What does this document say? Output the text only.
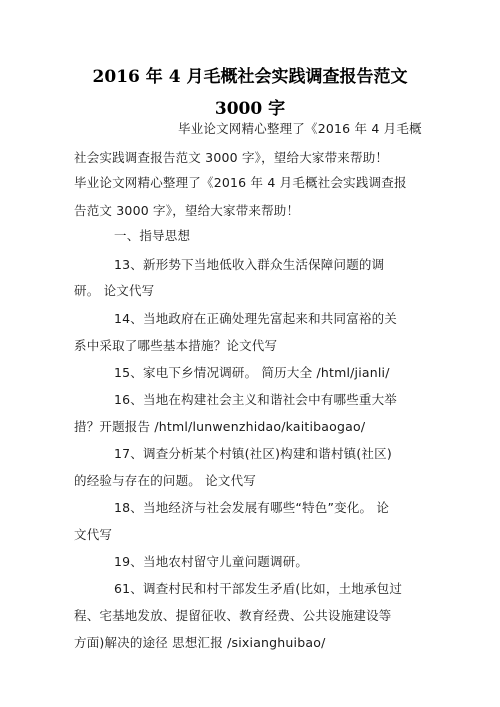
2016 年 4 月毛概社会实践调查报告范文
3000 字
毕业论文网精心整理了《2016 年 4 月毛概
社会实践调查报告范文 3000 字》，望给大家带来帮助！
毕业论文网精心整理了《2016 年 4 月毛概社会实践调查报
告范文 3000 字》，望给大家带来帮助！
一、指导思想
13、新形势下当地低收入群众生活保障问题的调
研。 论文代写
14、当地政府在正确处理先富起来和共同富裕的关
系中采取了哪些基本措施？论文代写
15、家电下乡情况调研。 简历大全 /html/jianli/
16、当地在构建社会主义和谐社会中有哪些重大举
措？开题报告 /html/lunwenzhidao/kaitibaogao/
17、调查分析某个村镇(社区)构建和谐村镇(社区)
的经验与存在的问题。 论文代写
18、当地经济与社会发展有哪些“特色”变化。 论
文代写
19、当地农村留守儿童问题调研。
61、调查村民和村干部发生矛盾(比如，土地承包过
程、宅基地发放、提留征收、教育经费、公共设施建设等
方面)解决的途径 思想汇报 /sixianghuibao/
